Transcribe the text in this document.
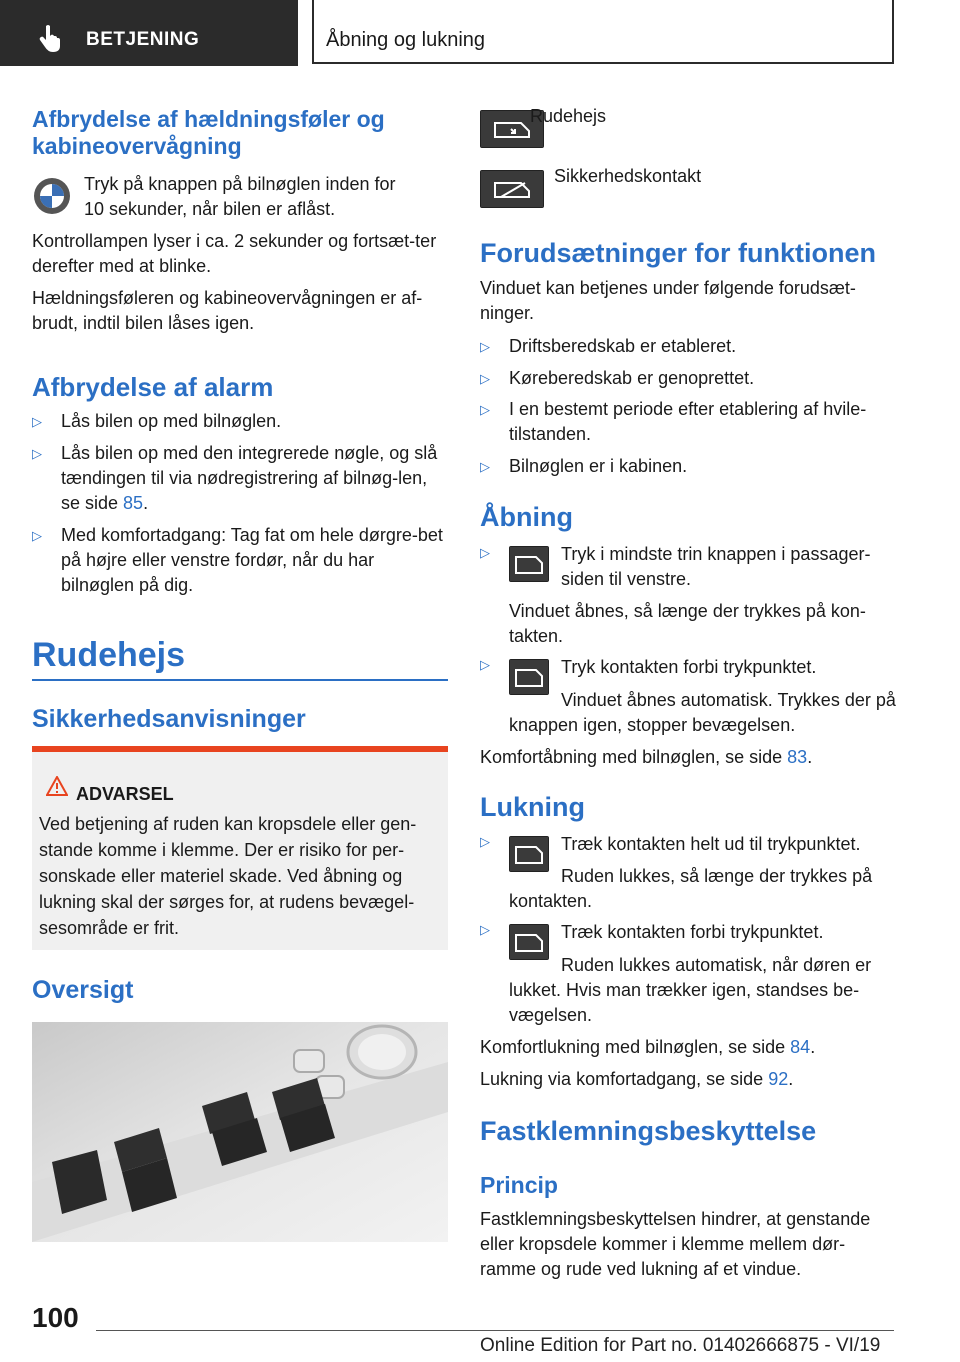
BETJENING	Åbning og lukning
Afbrydelse af hældningsføler og kabineovervågning
Tryk på knappen på bilnøglen inden for
10 sekunder, når bilen er aflåst.
Kontrollampen lyser i ca. 2 sekunder og fortsæt-ter derefter med at blinke.
Hældningsføleren og kabineovervågningen er af-brudt, indtil bilen låses igen.
Afbrydelse af alarm
▷ Lås bilen op med bilnøglen.
▷ Lås bilen op med den integrerede nøgle, og slå tændingen til via nødregistrering af bilnøg-len, se side 85.
▷ Med komfortadgang: Tag fat om hele dørgre-bet på højre eller venstre fordør, når du har bilnøglen på dig.
Rudehejs
Sikkerhedsanvisninger
ADVARSEL
Ved betjening af ruden kan kropsdele eller gen-stande komme i klemme. Der er risiko for per-sonskade eller materiel skade. Ved åbning og lukning skal der sørges for, at rudens bevægel-sesområde er frit.
Oversigt
Rudehejs
Sikkerhedskontakt
Forudsætninger for funktionen
Vinduet kan betjenes under følgende forudsæt-ninger.
▷ Driftsberedskab er etableret.
▷ Køreberedskab er genoprettet.
▷ I en bestemt periode efter etablering af hvile-tilstanden.
▷ Bilnøglen er i kabinen.
Åbning
▷	Tryk i mindste trin knappen i passager-
siden til venstre.
Vinduet åbnes, så længe der trykkes på kon-takten.
▷	Tryk kontakten forbi trykpunktet.
Vinduet åbnes automatisk. Trykkes der på knappen igen, stopper bevægelsen.
Komfortåbning med bilnøglen, se side 83.
Lukning
▷	Træk kontakten helt ud til trykpunktet.
Ruden lukkes, så længe der trykkes på kontakten.
▷	Træk kontakten forbi trykpunktet.
Ruden lukkes automatisk, når døren er lukket. Hvis man trækker igen, standses be-vægelsen.
Komfortlukning med bilnøglen, se side 84.
Lukning via komfortadgang, se side 92.
Fastklemningsbeskyttelse
Princip
Fastklemningsbeskyttelsen hindrer, at genstande eller kropsdele kommer i klemme mellem dør-ramme og rude ved lukning af et vindue.
100
Online Edition for Part no. 01402666875 - VI/19
